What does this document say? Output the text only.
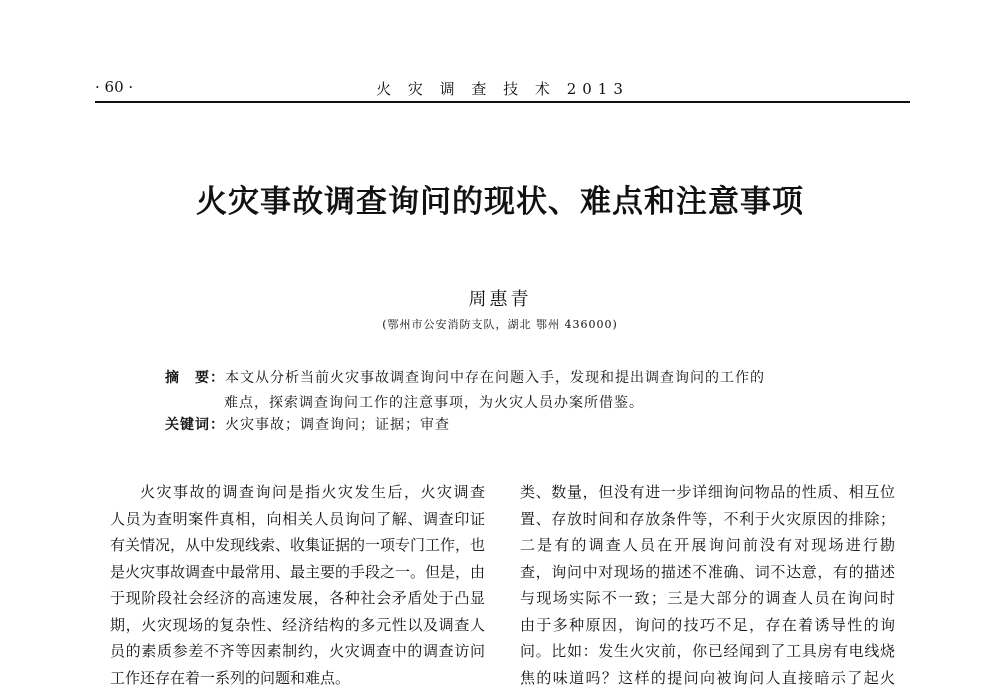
· 60 ·	火 灾 调 查 技 术 2013
火灾事故调查询问的现状、难点和注意事项
周惠青
(鄂州市公安消防支队，湖北 鄂州 436000)
摘　要：本文从分析当前火灾事故调查询问中存在问题入手，发现和提出调查询问的工作的
难点，探索调查询问工作的注意事项，为火灾人员办案所借鉴。
关键词：火灾事故；调查询问；证据；审查
火灾事故的调查询问是指火灾发生后，火灾调查
人员为查明案件真相，向相关人员询问了解、调查印证
有关情况，从中发现线索、收集证据的一项专门工作，也
是火灾事故调查中最常用、最主要的手段之一。但是，由
于现阶段社会经济的高速发展，各种社会矛盾处于凸显
期，火灾现场的复杂性、经济结构的多元性以及调查人
员的素质参差不齐等因素制约，火灾调查中的调查访问
工作还存在着一系列的问题和难点。
类、数量，但没有进一步详细询问物品的性质、相互位
置、存放时间和存放条件等，不利于火灾原因的排除；
二是有的调查人员在开展询问前没有对现场进行勘
查，询问中对现场的描述不准确、词不达意，有的描述
与现场实际不一致；三是大部分的调查人员在询问时
由于多种原因，询问的技巧不足，存在着诱导性的询
问。比如：发生火灾前，你已经闻到了工具房有电线烧
焦的味道吗？这样的提问向被询问人直接暗示了起火
